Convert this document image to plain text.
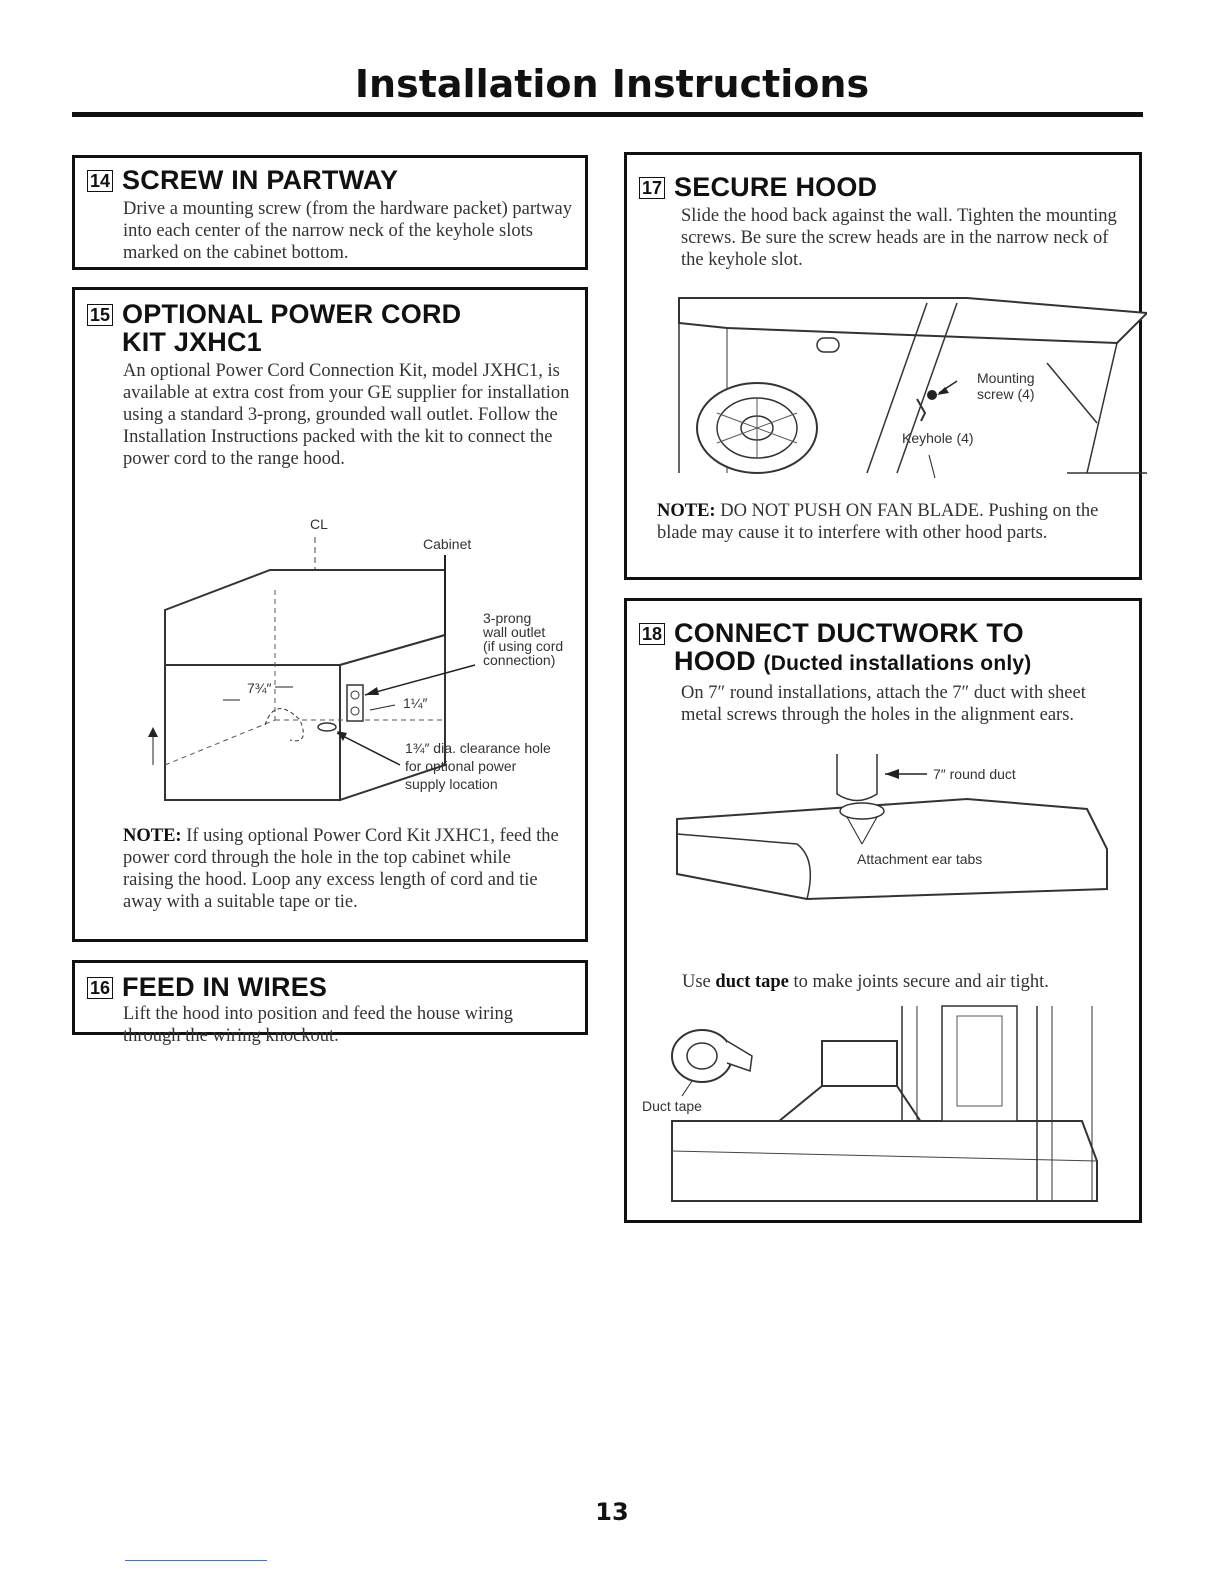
Installation Instructions
14 SCREW IN PARTWAY
Drive a mounting screw (from the hardware packet) partway into each center of the narrow neck of the keyhole slots marked on the cabinet bottom.
15 OPTIONAL POWER CORD
KIT JXHC1
An optional Power Cord Connection Kit, model JXHC1, is available at extra cost from your GE supplier for installation using a standard 3-prong, grounded wall outlet. Follow the Installation Instructions packed with the kit to connect the power cord to the range hood.
CL
Cabinet
3-prong
wall outlet
(if using cord
connection)
7¾″
1¼″
1¾″ dia. clearance hole
for optional power
supply location
NOTE: If using optional Power Cord Kit JXHC1, feed the power cord through the hole in the top cabinet while raising the hood. Loop any excess length of cord and tie away with a suitable tape or tie.
16 FEED IN WIRES
Lift the hood into position and feed the house wiring through the wiring knockout.
17 SECURE HOOD
Slide the hood back against the wall. Tighten the mounting screws. Be sure the screw heads are in the narrow neck of the keyhole slot.
Mounting
screw (4)
Keyhole (4)
NOTE: DO NOT PUSH ON FAN BLADE. Pushing on the blade may cause it to interfere with other hood parts.
18 CONNECT DUCTWORK TO
HOOD (Ducted installations only)
On 7″ round installations, attach the 7″ duct with sheet metal screws through the holes in the alignment ears.
7″ round duct
Attachment ear tabs
Use duct tape to make joints secure and air tight.
Duct tape
13
